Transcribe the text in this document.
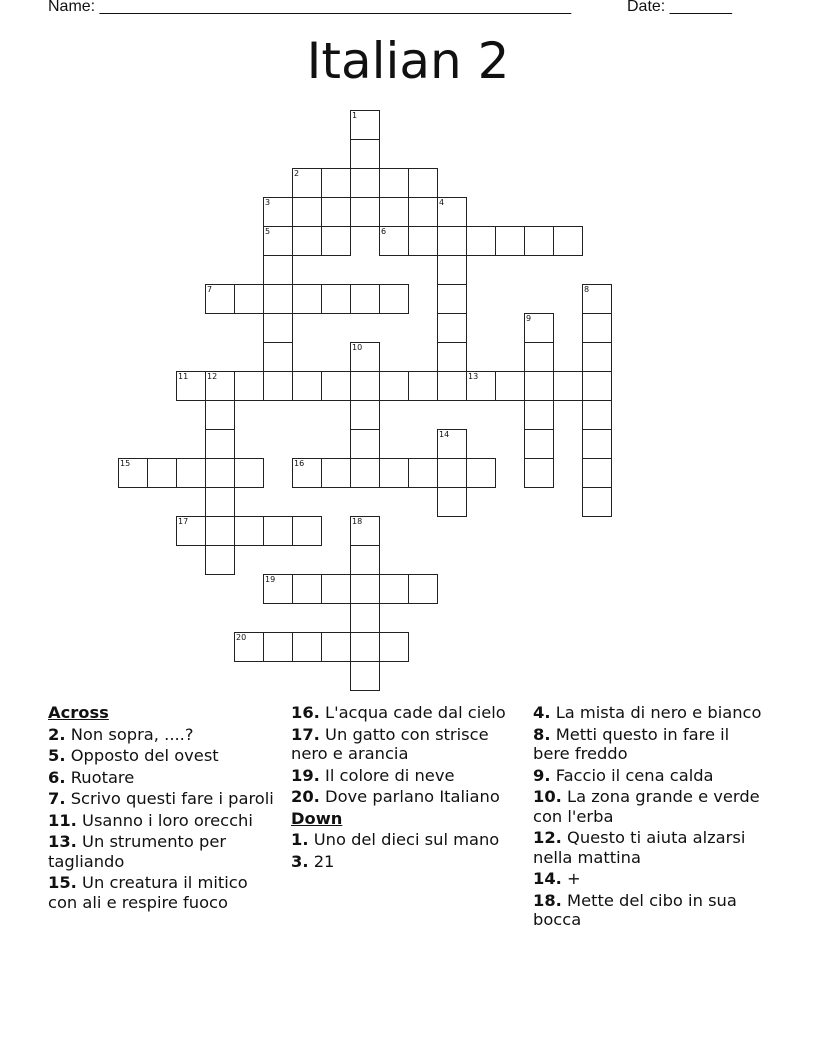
Name: _____________________________________________________	Date: _______
Italian 2
1
2
3	4
5	6
7	8
9
10
11 12	13
14
15	16
17	18
19
20
Across
2. Non sopra, ....?
5. Opposto del ovest
6. Ruotare
7. Scrivo questi fare i paroli
11. Usanno i loro orecchi
13. Un strumento per tagliando
15. Un creatura il mitico con ali e respire fuoco
16. L'acqua cade dal cielo
17. Un gatto con strisce nero e arancia
19. Il colore di neve
20. Dove parlano Italiano
Down
1. Uno del dieci sul mano
3. 21
4. La mista di nero e bianco
8. Metti questo in fare il bere freddo
9. Faccio il cena calda
10. La zona grande e verde con l'erba
12. Questo ti aiuta alzarsi nella mattina
14. +
18. Mette del cibo in sua bocca
